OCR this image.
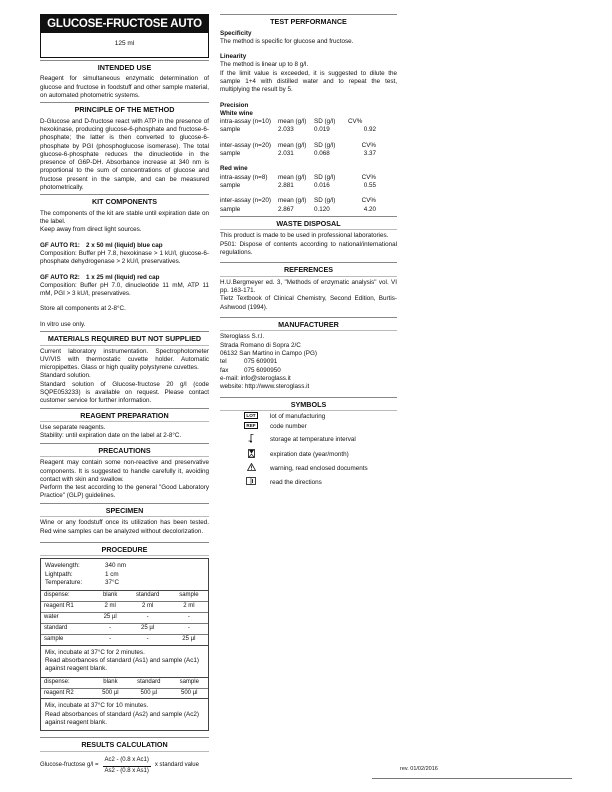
GLUCOSE-FRUCTOSE AUTO
125 ml
INTENDED USE

Reagent for simultaneous enzymatic determination of glucose and fructose in foodstuff and other sample material, on automated photometric systems.

PRINCIPLE OF THE METHOD

D-Glucose and D-fructose react with ATP in the presence of hexokinase, producing glucose-6-phosphate and fructose-6-phosphate; the latter is then converted to glucose-6-phosphate by PGI (phosphoglucose isomerase). The total glucose-6-phosphate reduces the dinucleotide in the presence of G6P-DH. Absorbance increase at 340 nm is proportional to the sum of concentrations of glucose and fructose present in the sample, and can be measured photometrically.

KIT COMPONENTS

The components of the kit are stable until expiration date on the label.

Keep away from direct light sources.

GF AUTO R1: 2 x 50 ml (liquid) blue cap

Composition: Buffer pH 7.8, hexokinase > 1 kU/l, glucose-6-phosphate dehydrogenase > 2 kU/l, preservatives.

GF AUTO R2: 1 x 25 ml (liquid) red cap

Composition: Buffer pH 7.0, dinucleotide 11 mM, ATP 11 mM, PGI > 3 kU/l, preservatives.

Store all components at 2-8°C.

In vitro use only.

MATERIALS REQUIRED BUT NOT SUPPLIED

Current laboratory instrumentation. Spectrophotometer UV/VIS with thermostatic cuvette holder. Automatic micropipettes. Glass or high quality polystyrene cuvettes.

Standard solution.

Standard solution of Glucose-fructose 20 g/l (code SQPE053233) is available on request. Please contact customer service for further information.

REAGENT PREPARATION

Use separate reagents.

Stability: until expiration date on the label at 2-8°C.

PRECAUTIONS

Reagent may contain some non-reactive and preservative components. It is suggested to handle carefully it, avoiding contact with skin and swallow.

Perform the test according to the general "Good Laboratory Practice" (GLP) guidelines.

SPECIMEN

Wine or any foodstuff once its utilization has been tested. Red wine samples can be analyzed without decolorization.

PROCEDURE
Wavelength:	340 nm
Lightpath:	1 cm
Temperature:	37°C
dispense:	blank	standard	sample
reagent R1	2 ml	2 ml	2 ml
water	25 µl	-	-
standard	-	25 µl	-
sample	-	-	25 µl
Mix, incubate at 37°C for 2 minutes.
Read absorbances of standard (As1) and sample (Ac1) against reagent blank.
dispense:	blank	standard	sample
reagent R2	500 µl	500 µl	500 µl
Mix, incubate at 37°C for 10 minutes.
Read absorbances of standard (As2) and sample (Ac2) against reagent blank.
RESULTS CALCULATION
Glucose-fructose $g/l = \frac{\text{Ac2 - (0.8 x Ac1)}}{\text{As2 - (0.8 x As1)}}$ x standard value
TEST PERFORMANCE
Specificity

The method is specific for glucose and fructose.

Linearity

The method is linear up to 8 g/l.

If the limit value is exceeded, it is suggested to dilute the sample 1+4 with distilled water and to repeat the test, multiplying the result by 5.

Precision
White wine
intra-assay (n=10)	mean (g/l)	SD (g/l)	CV%
sample	2.033	0.019	0.92
inter-assay (n=20)	mean (g/l)	SD (g/l)	CV%
sample	2.031	0.068	3.37
Red wine
intra-assay (n=8)	mean (g/l)	SD (g/l)	CV%
sample	2.881	0.016	0.55
inter-assay (n=20)	mean (g/l)	SD (g/l)	CV%
sample	2.867	0.120	4.20
WASTE DISPOSAL

This product is made to be used in professional laboratories.

P501: Dispose of contents according to national/international regulations.

REFERENCES

H.U.Bergmeyer ed. 3, "Methods of enzymatic analysis" vol. VI pp. 163-171.

Tietz Textbook of Clinical Chemistry, Second Edition, Burtis-Ashwood (1994).

MANUFACTURER
Steroglass S.r.l.
Strada Romano di Sopra 2/C
06132 San Martino in Campo (PG)
tel	075 609091
fax	075 6090950
e-mail: info@steroglass.it
website: http://www.steroglass.it
SYMBOLS
LOT	lot of manufacturing
REF	code number
storage at temperature interval
expiration date (year/month)
warning, read enclosed documents
read the directions
rev. 01/02/2016
